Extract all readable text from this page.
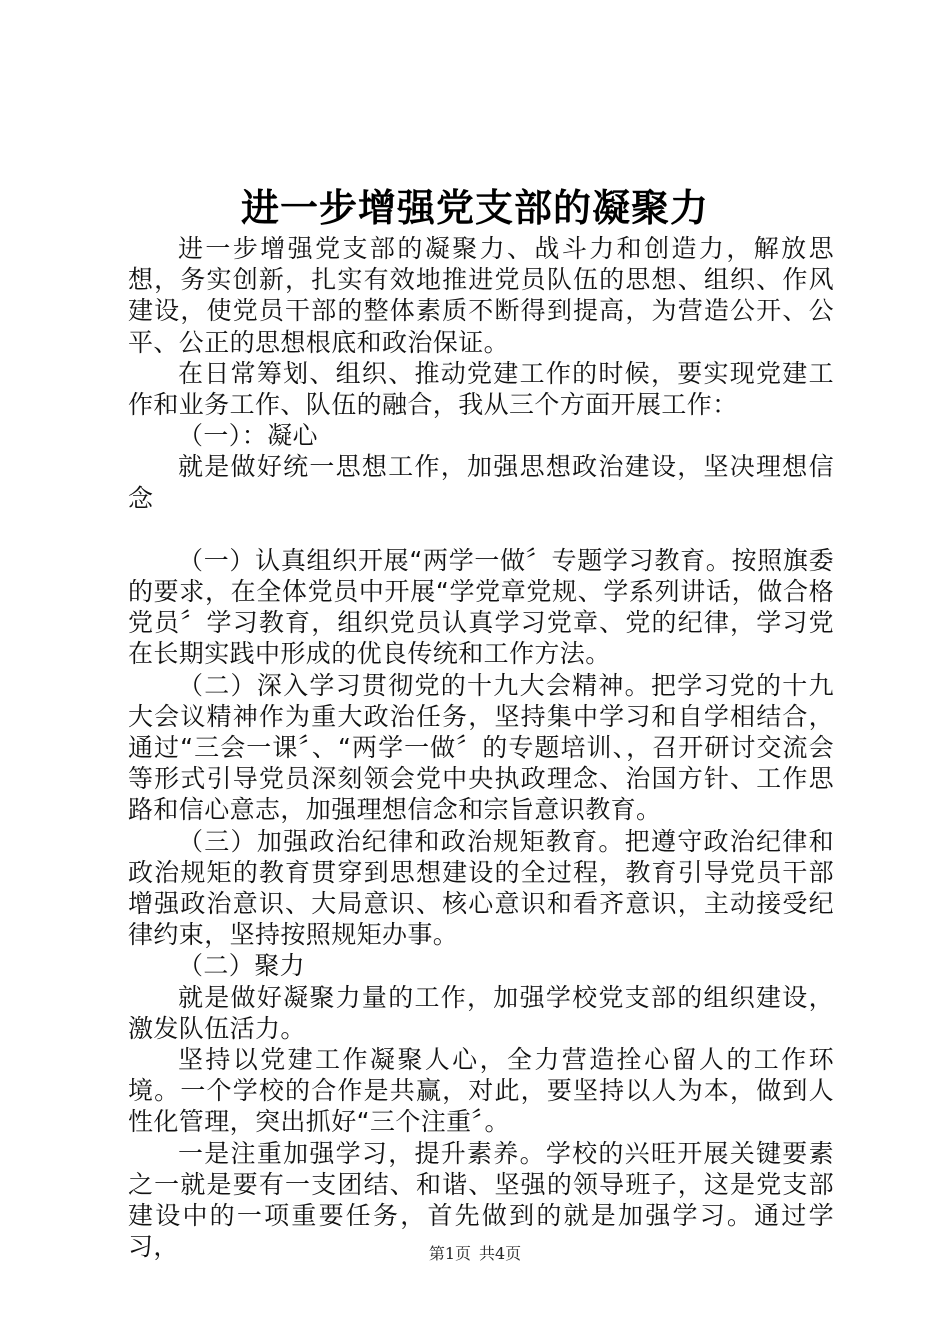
进一步增强党支部的凝聚力

进一步增强党支部的凝聚力、战斗力和创造力，解放思想，务实创新，扎实有效地推进党员队伍的思想、组织、作风建设，使党员干部的整体素质不断得到提高，为营造公开、公平、公正的思想根底和政治保证。

在日常筹划、组织、推动党建工作的时候，要实现党建工作和业务工作、队伍的融合，我从三个方面开展工作：

（一）：凝心

就是做好统一思想工作，加强思想政治建设，坚决理想信念

（一）认真组织开展“两学一做〞专题学习教育。按照旗委的要求，在全体党员中开展“学党章党规、学系列讲话，做合格党员〞学习教育，组织党员认真学习党章、党的纪律，学习党在长期实践中形成的优良传统和工作方法。

（二）深入学习贯彻党的十九大会精神。把学习党的十九大会议精神作为重大政治任务，坚持集中学习和自学相结合，通过“三会一课〞、“两学一做〞的专题培训、，召开研讨交流会等形式引导党员深刻领会党中央执政理念、治国方针、工作思路和信心意志，加强理想信念和宗旨意识教育。

（三）加强政治纪律和政治规矩教育。把遵守政治纪律和政治规矩的教育贯穿到思想建设的全过程，教育引导党员干部增强政治意识、大局意识、核心意识和看齐意识，主动接受纪律约束，坚持按照规矩办事。

（二）聚力

就是做好凝聚力量的工作，加强学校党支部的组织建设，激发队伍活力。

坚持以党建工作凝聚人心，全力营造拴心留人的工作环境。一个学校的合作是共赢，对此，要坚持以人为本，做到人性化管理，突出抓好“三个注重〞。

一是注重加强学习，提升素养。学校的兴旺开展关键要素之一就是要有一支团结、和谐、坚强的领导班子，这是党支部建设中的一项重要任务，首先做到的就是加强学习。通过学习，	第1页 共4页
